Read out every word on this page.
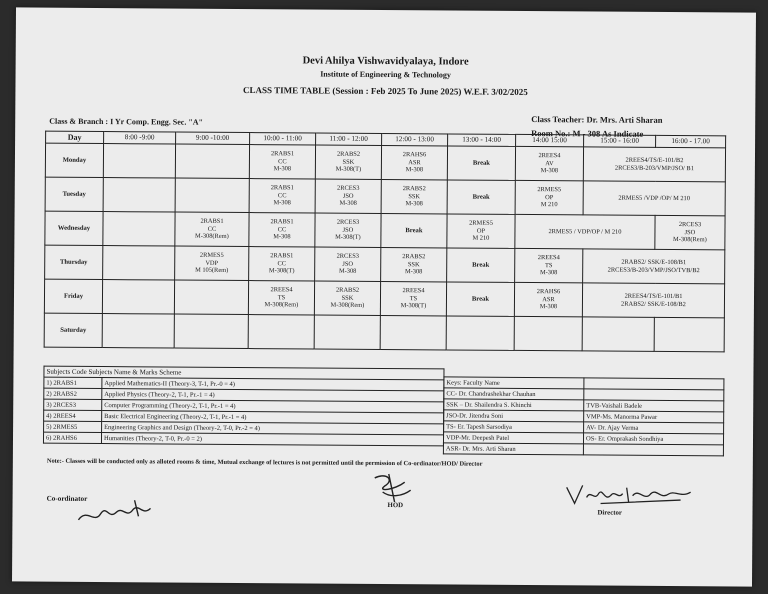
Devi Ahilya Vishwavidyalaya, Indore
Institute of Engineering & Technology
CLASS TIME TABLE (Session : Feb 2025 To June 2025) W.E.F. 3/02/2025
Class Teacher: Dr. Mrs. Arti Sharan
Class & Branch : I Yr Comp. Engg. Sec. "A"
Room No.: M - 308 As Indicate
Day	8:00 -9:00	9:00 -10:00	10:00 - 11:00	11:00 - 12:00	12:00 - 13:00	13:00 - 14:00	14:00 15:00	15:00 - 16:00	16:00 - 17.00
Monday			2RABS1
CC
M-308	2RABS2
SSK
M-308(T)	2RAHS6
ASR
M-308	Break	2REES4
AV
M-308	2REES4/TS/E-101/B2
2RCES3/B-203/VMP/JSO/ B1	

Tuesday			2RABS1
CC
M-308	2RCES3
JSO
M-308	2RABS2
SSK
M-308	Break	2RMES5
OP
M 210	2RMES5 /VDP /OP/ M 210	
Wednesday		2RABS1
CC
M-308(Rem)	2RABS1
CC
M-308	2RCES3
JSO
M-308(T)	Break	2RMES5
OP
M 210	2RMES5 / VDP/OP / M 210		2RCES3
JSO
M-308(Rem)

Thursday		2RMES5
VDP
M 105(Rem)	2RABS1
CC
M-308(T)	2RCES3
JSO
M-308	2RABS2
SSK
M-308	Break	2REES4
TS
M-308	2RABS2/ SSK/E-108/B1
2RCES3/B-203/VMP/JSO/TVB/B2	

Friday			2REES4
TS
M-308(Rem)	2RABS2
SSK
M-308(Rem)	2REES4
TS
M-308(T)	Break	2RAHS6
ASR
M-308	2REES4/TS/E-101/B1
2RABS2/ SSK/E-108/B2	

Saturday									
Subjects Code Subjects Name & Marks Scheme	
1) 2RABS1	Applied Mathematics-II (Theory-3, T-1, Pr.-0 = 4)
2) 2RABS2	Applied Physics (Theory-2, T-1, Pr.-1 = 4)
3) 2RCES3	Computer Programming (Theory-2, T-1, Pr.-1 = 4)
4) 2REES4	Basic Electrical Engineering (Theory-2, T-1, Pr.-1 = 4)
5) 2RMES5	Engineering Graphics and Design (Theory-2, T-0, Pr.-2 = 4)
6) 2RAHS6	Humanities (Theory-2, T-0, Pr.-0 = 2)
Keys: Faculty Name	
CC- Dr. Chandrashekhar Chauhan	
SSK – Dr. Shailendra S. Khinchi	TVB-Vaishali Badele
JSO-Dr. Jitendra Soni	VMP-Ms. Manorma Pawar
TS- Er. Tapesh Sarsodiya	AV- Dr. Ajay Verma
VDP-Mr. Deepesh Patel	OS- Er. Omprakash Sondhiya
ASR- Dr. Mrs. Arti Sharan	
Note:- Classes will be conducted only as alloted rooms & time, Mutual exchange of lectures is not permitted until the permission of Co-ordinator/HOD/ Director
Co-ordinator
HOD
Director
